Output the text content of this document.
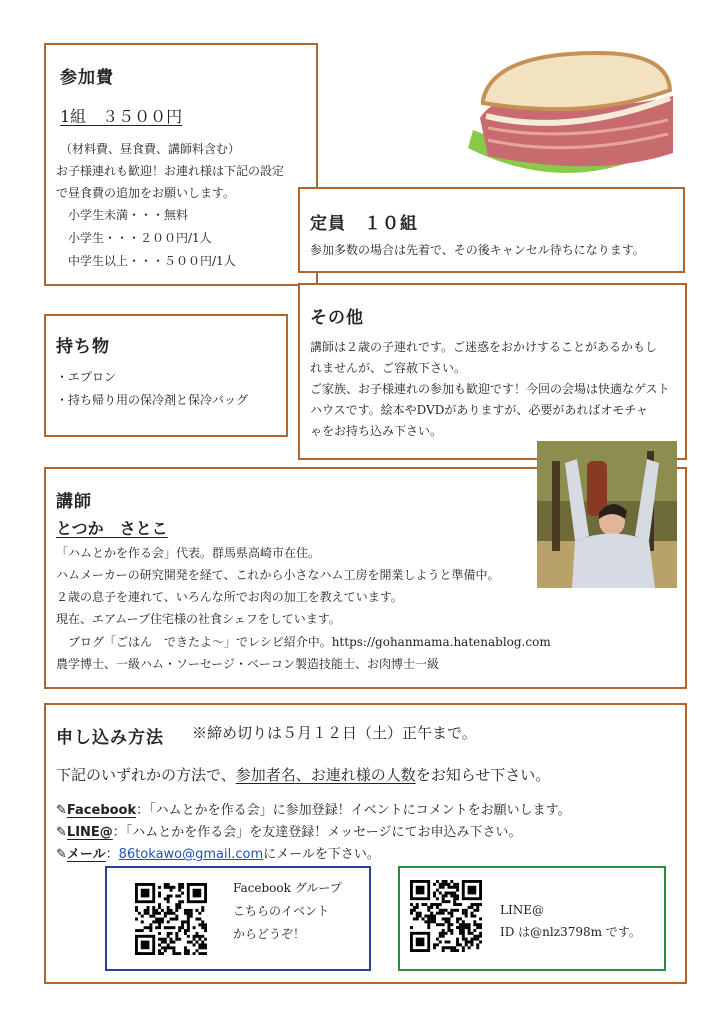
参加費
1組　３５００円
（材料費、昼食費、講師料含む）
お子様連れも歓迎！お連れ様は下記の設定
で昼食費の追加をお願いします。
小学生未満・・・無料
小学生・・・２００円/1人
中学生以上・・・５００円/1人
定員　１０組
参加多数の場合は先着で、その後キャンセル待ちになります。
持ち物
・エプロン
・持ち帰り用の保冷剤と保冷バッグ
その他
講師は２歳の子連れです。ご迷惑をおかけすることがあるかもし
れませんが、ご容赦下さい。
ご家族、お子様連れの参加も歓迎です！今回の会場は快適なゲスト
ハウスです。絵本やDVDがありますが、必要があればオモチャ
ゃをお持ち込み下さい。
講師
とつか　さとこ
「ハムとかを作る会」代表。群馬県高崎市在住。
ハムメーカーの研究開発を経て、これから小さなハム工房を開業しようと準備中。
２歳の息子を連れて、いろんな所でお肉の加工を教えています。
現在、エアムーブ住宅様の社食シェフをしています。
　ブログ「ごはん　できたよ～」でレシピ紹介中。https://gohanmama.hatenablog.com
農学博士、一級ハム・ソーセージ・ベーコン製造技能士、お肉博士一級
申し込み方法 ※締め切りは５月１２日（土）正午まで。
下記のいずれかの方法で、参加者名、お連れ様の人数をお知らせ下さい。
✎Facebook：「ハムとかを作る会」に参加登録！イベントにコメントをお願いします。
✎LINE@：「ハムとかを作る会」を友達登録！メッセージにてお申込み下さい。
✎メール：86tokawo@gmail.comにメールを下さい。
Facebook グループ
こちらのイベント
からどうぞ！
LINE@
ID は@nlz3798m です。
